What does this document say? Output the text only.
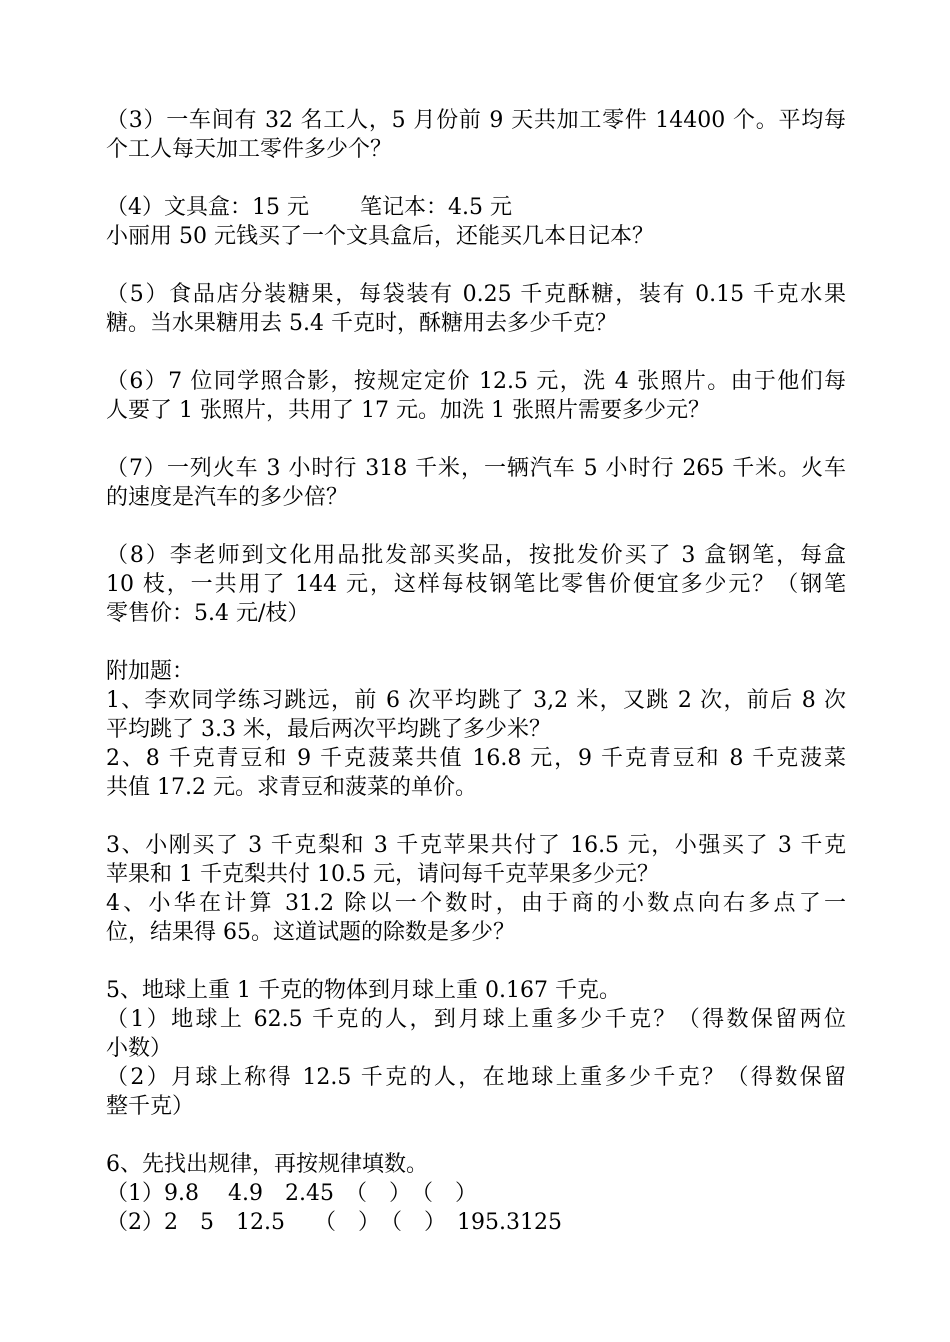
（3）一车间有 32 名工人，5 月份前 9 天共加工零件 14400 个。平均每
个工人每天加工零件多少个？
（4）文具盒：15 元　　 笔记本：4.5 元
小丽用 50 元钱买了一个文具盒后，还能买几本日记本？
（5）食品店分装糖果，每袋装有 0.25 千克酥糖，装有 0.15 千克水果
糖。当水果糖用去 5.4 千克时，酥糖用去多少千克？
（6）7 位同学照合影，按规定定价 12.5 元，洗 4 张照片。由于他们每
人要了 1 张照片，共用了 17 元。加洗 1 张照片需要多少元？
（7）一列火车 3 小时行 318 千米，一辆汽车 5 小时行 265 千米。火车
的速度是汽车的多少倍？
（8）李老师到文化用品批发部买奖品，按批发价买了 3 盒钢笔，每盒
10 枝，一共用了 144 元，这样每枝钢笔比零售价便宜多少元？（钢笔
零售价：5.4 元/枝）
附加题：
1、李欢同学练习跳远，前 6 次平均跳了 3,2 米，又跳 2 次，前后 8 次
平均跳了 3.3 米，最后两次平均跳了多少米？
2、8 千克青豆和 9 千克菠菜共值 16.8 元，9 千克青豆和 8 千克菠菜
共值 17.2 元。求青豆和菠菜的单价。
3、小刚买了 3 千克梨和 3 千克苹果共付了 16.5 元，小强买了 3 千克
苹果和 1 千克梨共付 10.5 元，请问每千克苹果多少元？
4、小华在计算 31.2 除以一个数时，由于商的小数点向右多点了一
位，结果得 65。这道试题的除数是多少？
5、地球上重 1 千克的物体到月球上重 0.167 千克。
（1）地球上 62.5 千克的人，到月球上重多少千克？（得数保留两位
小数）
（2）月球上称得 12.5 千克的人，在地球上重多少千克？（得数保留
整千克）
6、先找出规律，再按规律填数。
（1）9.8　 4.9　2.45　（　）　（　）
（2）2　5　12.5　 （　）　（　）　195.3125
